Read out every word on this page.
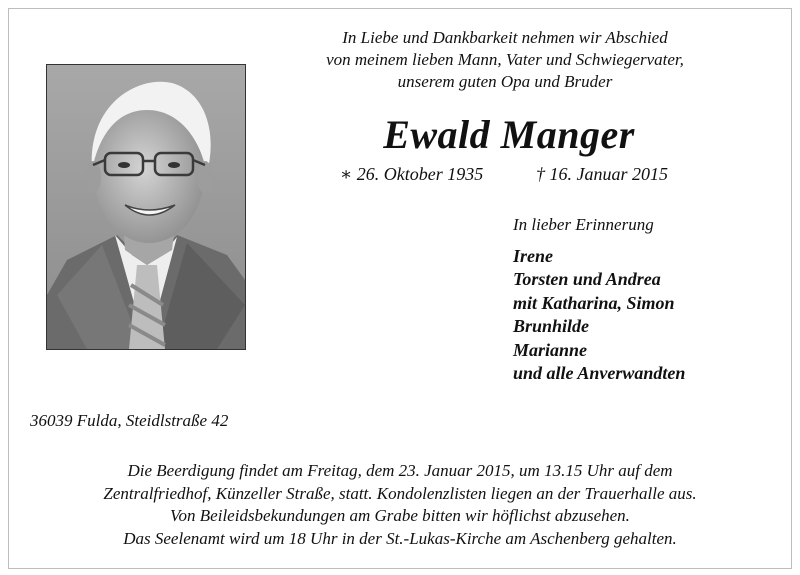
In Liebe und Dankbarkeit nehmen wir Abschied
von meinem lieben Mann, Vater und Schwiegervater,
unserem guten Opa und Bruder
Ewald Manger
∗ 26. Oktober 1935	† 16. Januar 2015
In lieber Erinnerung
Irene
Torsten und Andrea
mit Katharina, Simon
Brunhilde
Marianne
und alle Anverwandten
36039 Fulda, Steidlstraße 42
Die Beerdigung findet am Freitag, dem 23. Januar 2015, um 13.15 Uhr auf dem
Zentralfriedhof, Künzeller Straße, statt. Kondolenzlisten liegen an der Trauerhalle aus.
Von Beileidsbekundungen am Grabe bitten wir höflichst abzusehen.
Das Seelenamt wird um 18 Uhr in der St.-Lukas-Kirche am Aschenberg gehalten.
